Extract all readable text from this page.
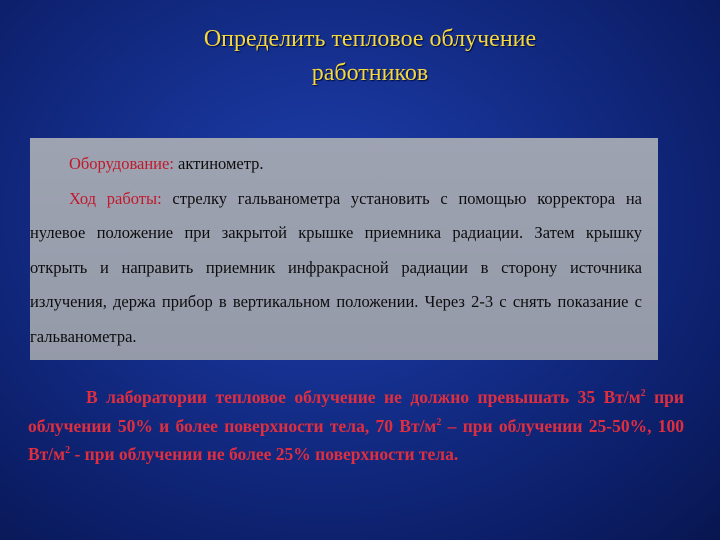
Определить тепловое облучение
работников

Оборудование: актинометр.

Ход работы: стрелку гальванометра установить с помощью корректора на нулевое положение при закрытой крышке приемника радиации. Затем крышку открыть и направить приемник инфракрасной радиации в сторону источника излучения, держа прибор в вертикальном положении. Через 2-3 с снять показание с гальванометра.

В лаборатории тепловое облучение не должно превышать 35 $Вт/м^2$ при облучении 50% и более поверхности тела, 70 $Вт/м^2$ – при облучении 25-50%, 100 $Вт/м^2$ - при облучении не более 25% поверхности тела.
